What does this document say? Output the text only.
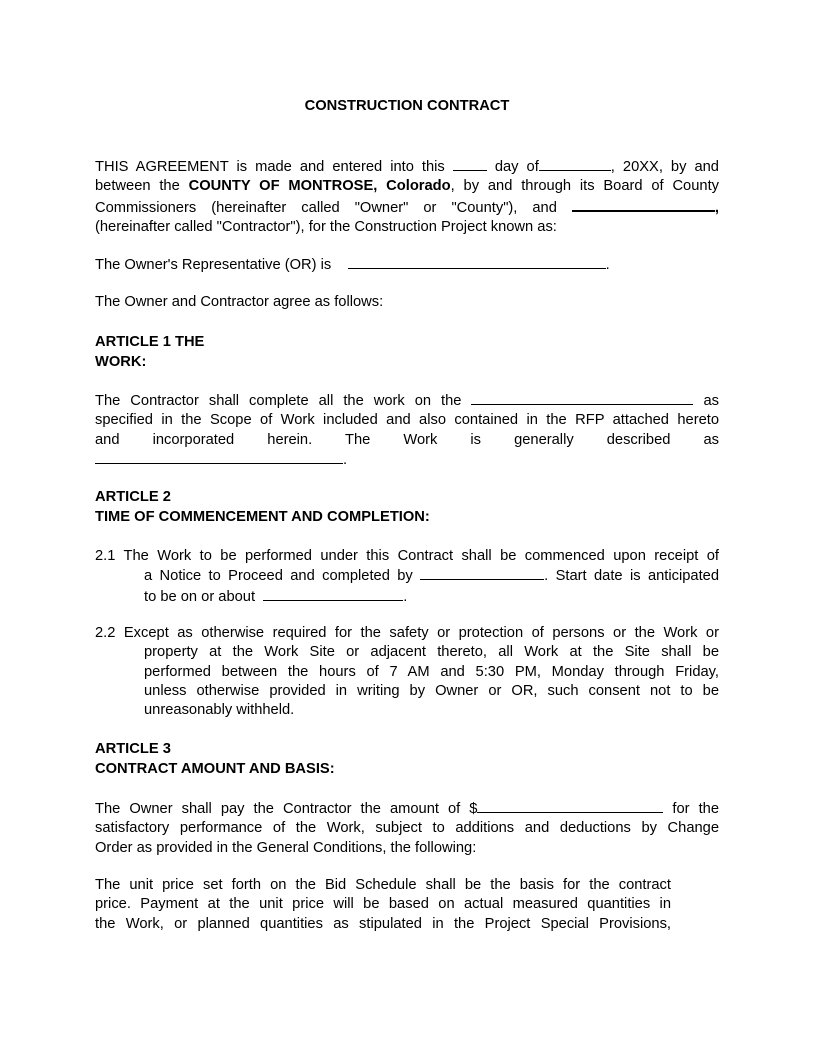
CONSTRUCTION CONTRACT
THIS AGREEMENT is made and entered into this	day of	, 20XX, by and
between the COUNTY OF MONTROSE, Colorado, by and through its Board of County
Commissioners (hereinafter called "Owner" or "County"), and	,
(hereinafter called "Contractor"), for the Construction Project known as:
The Owner's Representative (OR) is	.
The Owner and Contractor agree as follows:
ARTICLE 1 THE
WORK:
The Contractor shall complete all the work on the	as
specified in the Scope of Work included and also contained in the RFP attached hereto
and incorporated herein. The Work is generally described as
.
ARTICLE 2
TIME OF COMMENCEMENT AND COMPLETION:
2.1 The Work to be performed under this Contract shall be commenced upon receipt of
a Notice to Proceed and completed by	. Start date is anticipated
to be on or about	.
2.2 Except as otherwise required for the safety or protection of persons or the Work or
property at the Work Site or adjacent thereto, all Work at the Site shall be
performed between the hours of 7 AM and 5:30 PM, Monday through Friday,
unless otherwise provided in writing by Owner or OR, such consent not to be
unreasonably withheld.
ARTICLE 3
CONTRACT AMOUNT AND BASIS:
The Owner shall pay the Contractor the amount of $	for the
satisfactory performance of the Work, subject to additions and deductions by Change
Order as provided in the General Conditions, the following:
The unit price set forth on the Bid Schedule shall be the basis for the contract
price. Payment at the unit price will be based on actual measured quantities in
the Work, or planned quantities as stipulated in the Project Special Provisions,
